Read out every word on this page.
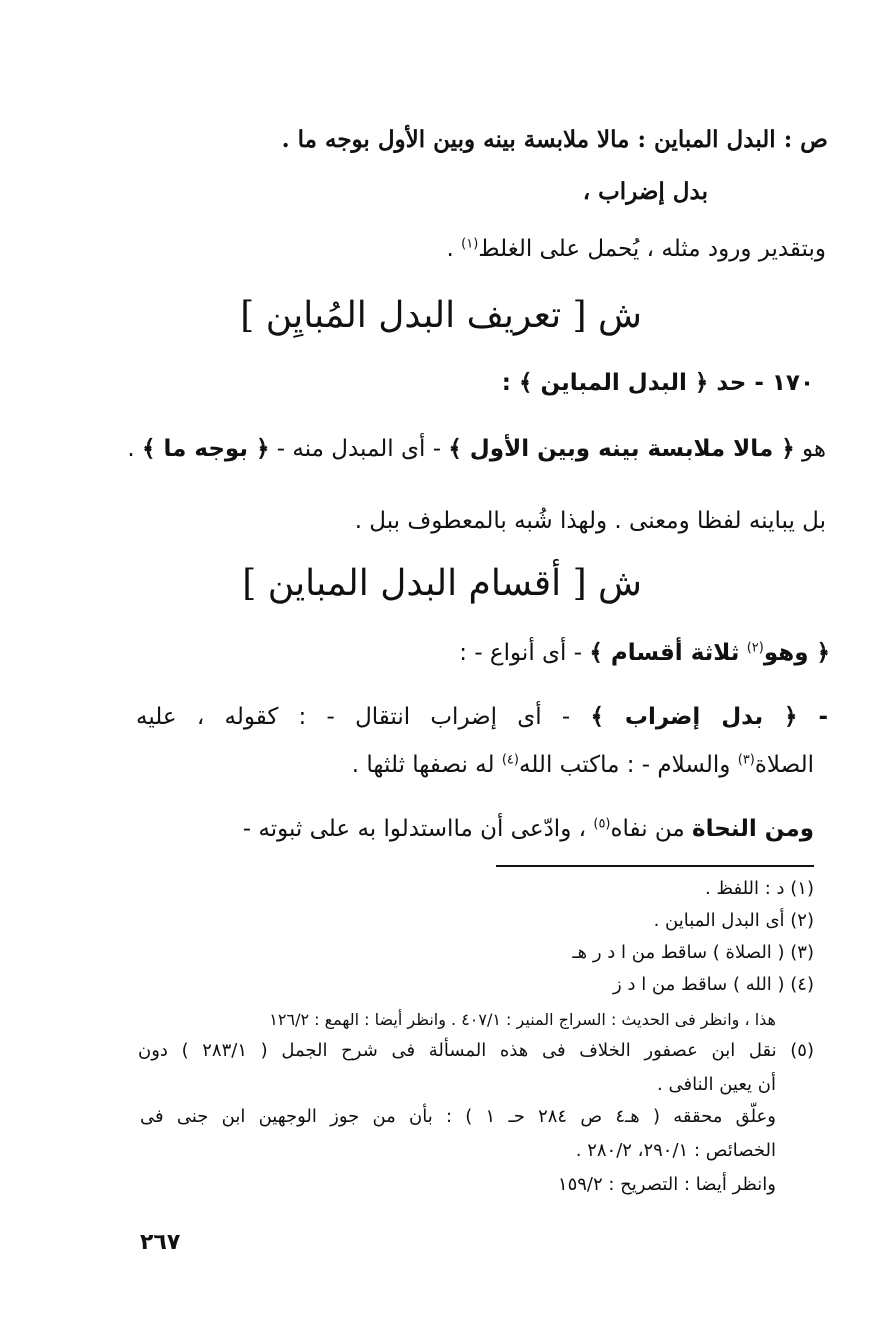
ص : البدل المباين : مالا ملابسة بينه وبين الأول بوجه ما .
بدل إضراب ،
وبتقدير ورود مثله ، يُحمل على الغلط$^{(١)}$ .
ش [ تعريف البدل المُبايِن ]
١٧٠ - حد ﴿ البدل المباين ﴾ :
هو ﴿ مالا ملابسة بينه وبين الأول ﴾ - أى المبدل منه - ﴿ بوجه ما ﴾ .
بل يباينه لفظا ومعنى . ولهذا شُبه بالمعطوف ببل .
ش [ أقسام البدل المباين ]
﴿ وهو$^{(٢)}$ ثلاثة أقسام ﴾ - أى أنواع - :
- ﴿ بدل إضراب ﴾ - أى إضراب انتقال - : كقوله ، عليه
الصلاة$^{(٣)}$ والسلام - : ماكتب الله$^{(٤)}$ له نصفها ثلثها .
ومن النحاة من نفاه$^{(٥)}$ ، وادّعى أن مااستدلوا به على ثبوته -
(١) د : اللفظ .
(٢) أى البدل المباين .
(٣) ( الصلاة ) ساقط من ا د ر هـ
(٤) ( الله ) ساقط من ا د ز
هذا ، وانظر فى الحديث : السراج المنير : ٤٠٧/١ . وانظر أيضا : الهمع : ١٢٦/٢
(٥) نقل ابن عصفور الخلاف فى هذه المسألة فى شرح الجمل ( ٢٨٣/١ ) دون
أن يعين النافى .
وعلّق محققه ( هـ٤ ص ٢٨٤ حـ ١ ) : بأن من جوز الوجهين ابن جنى فى
الخصائص : ٢٩٠/١، ٢٨٠/٢ .
وانظر أيضا : التصريح : ١٥٩/٢
٢٦٧
